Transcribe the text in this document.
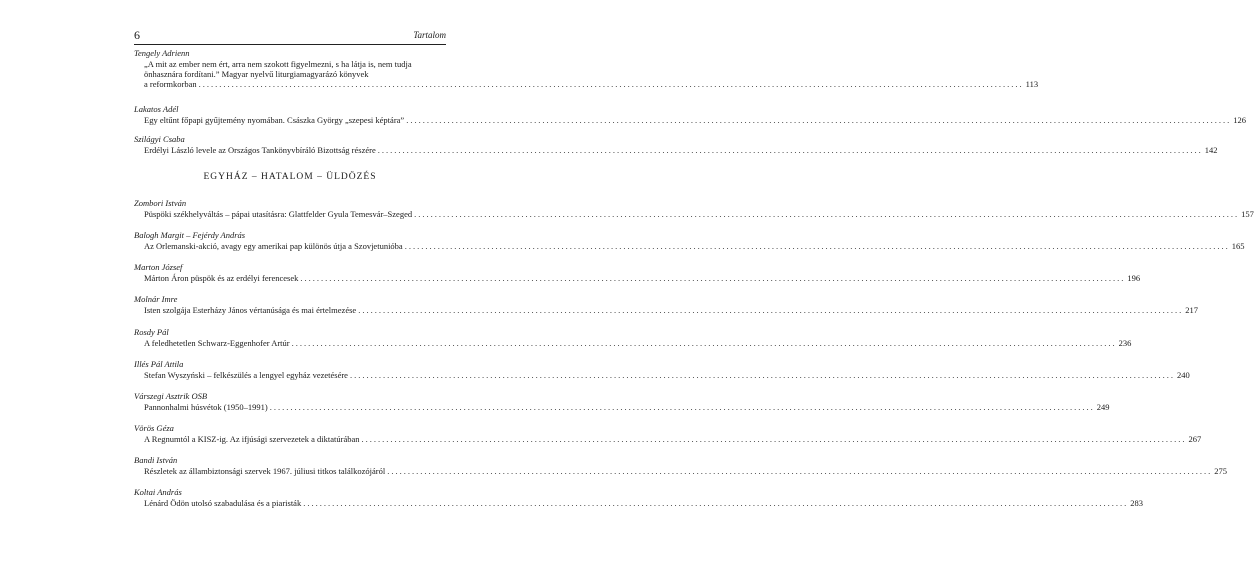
6	Tartalom
EGYHÁZ – HATALOM – ÜLDÖZÉS
Tengely Adrienn
„A mit az ember nem ért, arra nem szokott figyelmezni, s ha látja is, nem tudja
önhasznára fordítani.” Magyar nyelvű liturgiamagyarázó könyvek
a reformkorban ........................................................................................................................................................................................................ 113
Lakatos Adél
Egy eltűnt főpapi gyűjtemény nyomában. Császka György „szepesi képtára” ........................................................................................................................................................................................................ 126
Szilágyi Csaba
Erdélyi László levele az Országos Tankönyvbíráló Bizottság részére ........................................................................................................................................................................................................ 142
Zombori István
Püspöki székhelyváltás – pápai utasításra: Glattfelder Gyula Temesvár–Szeged ........................................................................................................................................................................................................ 157
Balogh Margit – Fejérdy András
Az Orlemanski-akció, avagy egy amerikai pap különös útja a Szovjetunióba ........................................................................................................................................................................................................ 165
Marton József
Márton Áron püspök és az erdélyi ferencesek ........................................................................................................................................................................................................ 196
Molnár Imre
Isten szolgája Esterházy János vértanúsága és mai értelmezése ........................................................................................................................................................................................................ 217
Rosdy Pál
A feledhetetlen Schwarz-Eggenhofer Artúr ........................................................................................................................................................................................................ 236
Illés Pál Attila
Stefan Wyszyński – felkészülés a lengyel egyház vezetésére ........................................................................................................................................................................................................ 240
Várszegi Asztrik OSB
Pannonhalmi húsvétok (1950–1991) ........................................................................................................................................................................................................ 249
Vörös Géza
A Regnumtól a KISZ-ig. Az ifjúsági szervezetek a diktatúrában ........................................................................................................................................................................................................ 267
Bandi István
Részletek az állambiztonsági szervek 1967. júliusi titkos találkozójáról ........................................................................................................................................................................................................ 275
Koltai András
Lénárd Ödön utolsó szabadulása és a piaristák ........................................................................................................................................................................................................ 283
